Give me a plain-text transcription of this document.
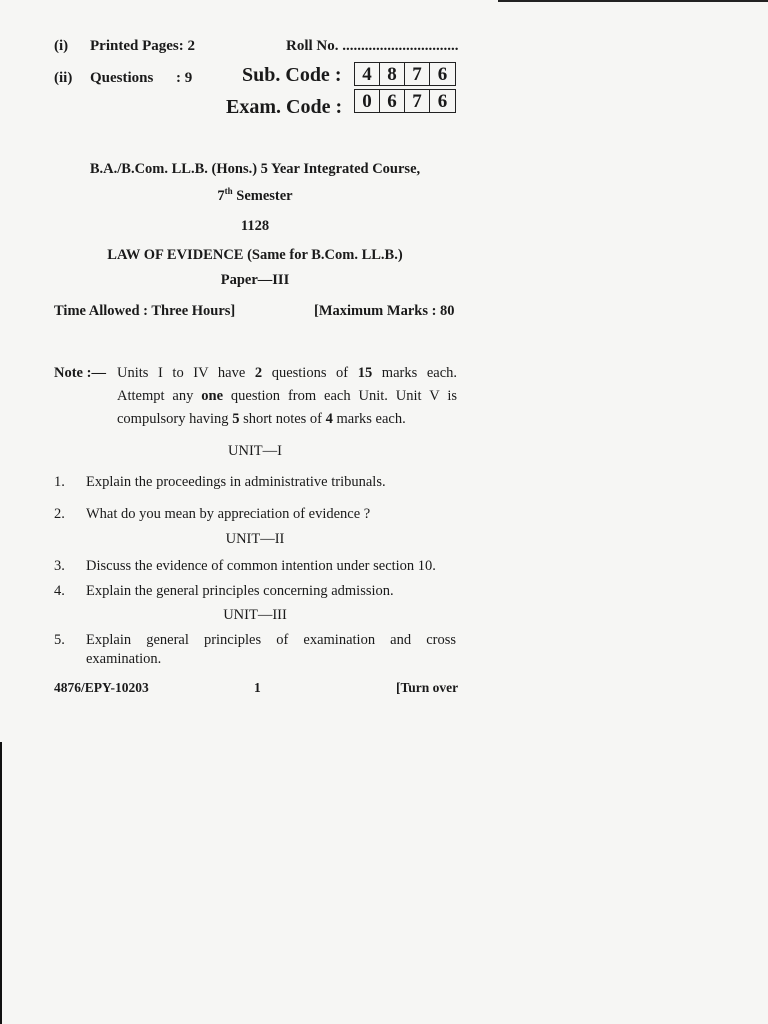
(i) Printed Pages: 2	Roll No. ...............................
(ii) Questions : 9 Sub. Code :	4 8 7 6
Exam. Code :	0 6 7 6
B.A./B.Com. LL.B. (Hons.) 5 Year Integrated Course,
7th Semester
1128
LAW OF EVIDENCE (Same for B.Com. LL.B.)
Paper—III
Time Allowed : Three Hours]	[Maximum Marks : 80
Note :— Units I to IV have 2 questions of 15 marks each.
Attempt any one question from each Unit. Unit V is
compulsory having 5 short notes of 4 marks each.
UNIT—I
1. Explain the proceedings in administrative tribunals.
2. What do you mean by appreciation of evidence ?
UNIT—II
3. Discuss the evidence of common intention under section 10.
4. Explain the general principles concerning admission.
UNIT—III
5. Explain general principles of examination and cross
examination.
4876/EPY-10203	1	[Turn over
